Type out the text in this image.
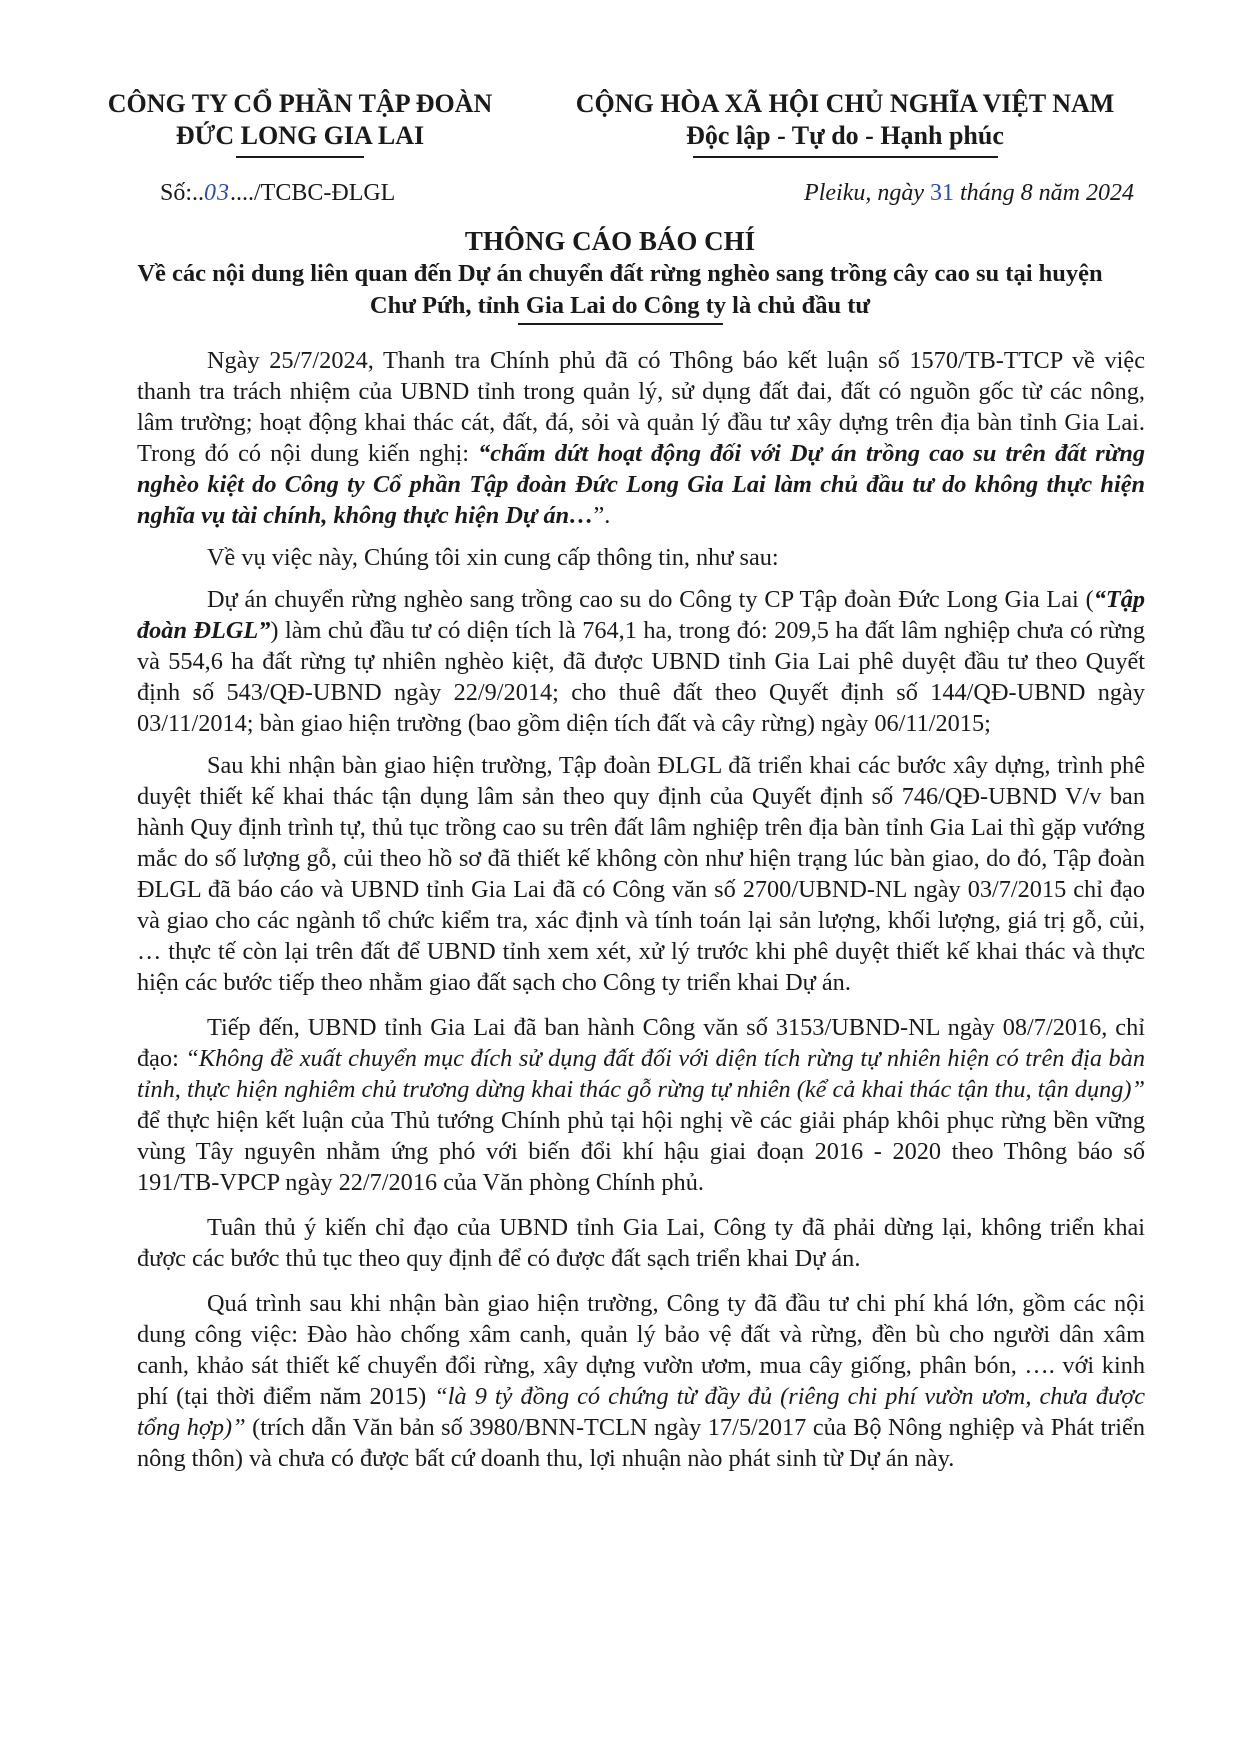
CÔNG TY CỔ PHẦN TẬP ĐOÀN
ĐỨC LONG GIA LAI
CỘNG HÒA XÃ HỘI CHỦ NGHĨA VIỆT NAM
Độc lập - Tự do - Hạnh phúc
Số:..03..../TCBC-ĐLGL	Pleiku, ngày 31 tháng 8 năm 2024
THÔNG CÁO BÁO CHÍ
Về các nội dung liên quan đến Dự án chuyển đất rừng nghèo sang trồng cây cao su tại huyện Chư Pứh, tỉnh Gia Lai do Công ty là chủ đầu tư

Ngày 25/7/2024, Thanh tra Chính phủ đã có Thông báo kết luận số 1570/TB-TTCP về việc thanh tra trách nhiệm của UBND tỉnh trong quản lý, sử dụng đất đai, đất có nguồn gốc từ các nông, lâm trường; hoạt động khai thác cát, đất, đá, sỏi và quản lý đầu tư xây dựng trên địa bàn tỉnh Gia Lai. Trong đó có nội dung kiến nghị: “chấm dứt hoạt động đối với Dự án trồng cao su trên đất rừng nghèo kiệt do Công ty Cổ phần Tập đoàn Đức Long Gia Lai làm chủ đầu tư do không thực hiện nghĩa vụ tài chính, không thực hiện Dự án…”.

Về vụ việc này, Chúng tôi xin cung cấp thông tin, như sau:

Dự án chuyển rừng nghèo sang trồng cao su do Công ty CP Tập đoàn Đức Long Gia Lai (“Tập đoàn ĐLGL”) làm chủ đầu tư có diện tích là 764,1 ha, trong đó: 209,5 ha đất lâm nghiệp chưa có rừng và 554,6 ha đất rừng tự nhiên nghèo kiệt, đã được UBND tỉnh Gia Lai phê duyệt đầu tư theo Quyết định số 543/QĐ-UBND ngày 22/9/2014; cho thuê đất theo Quyết định số 144/QĐ-UBND ngày 03/11/2014; bàn giao hiện trường (bao gồm diện tích đất và cây rừng) ngày 06/11/2015;

Sau khi nhận bàn giao hiện trường, Tập đoàn ĐLGL đã triển khai các bước xây dựng, trình phê duyệt thiết kế khai thác tận dụng lâm sản theo quy định của Quyết định số 746/QĐ-UBND V/v ban hành Quy định trình tự, thủ tục trồng cao su trên đất lâm nghiệp trên địa bàn tỉnh Gia Lai thì gặp vướng mắc do số lượng gỗ, củi theo hồ sơ đã thiết kế không còn như hiện trạng lúc bàn giao, do đó, Tập đoàn ĐLGL đã báo cáo và UBND tỉnh Gia Lai đã có Công văn số 2700/UBND-NL ngày 03/7/2015 chỉ đạo và giao cho các ngành tổ chức kiểm tra, xác định và tính toán lại sản lượng, khối lượng, giá trị gỗ, củi, … thực tế còn lại trên đất để UBND tỉnh xem xét, xử lý trước khi phê duyệt thiết kế khai thác và thực hiện các bước tiếp theo nhằm giao đất sạch cho Công ty triển khai Dự án.

Tiếp đến, UBND tỉnh Gia Lai đã ban hành Công văn số 3153/UBND-NL ngày 08/7/2016, chỉ đạo: “Không đề xuất chuyển mục đích sử dụng đất đối với diện tích rừng tự nhiên hiện có trên địa bàn tỉnh, thực hiện nghiêm chủ trương dừng khai thác gỗ rừng tự nhiên (kể cả khai thác tận thu, tận dụng)” để thực hiện kết luận của Thủ tướng Chính phủ tại hội nghị về các giải pháp khôi phục rừng bền vững vùng Tây nguyên nhằm ứng phó với biến đổi khí hậu giai đoạn 2016 - 2020 theo Thông báo số 191/TB-VPCP ngày 22/7/2016 của Văn phòng Chính phủ.

Tuân thủ ý kiến chỉ đạo của UBND tỉnh Gia Lai, Công ty đã phải dừng lại, không triển khai được các bước thủ tục theo quy định để có được đất sạch triển khai Dự án.

Quá trình sau khi nhận bàn giao hiện trường, Công ty đã đầu tư chi phí khá lớn, gồm các nội dung công việc: Đào hào chống xâm canh, quản lý bảo vệ đất và rừng, đền bù cho người dân xâm canh, khảo sát thiết kế chuyển đổi rừng, xây dựng vườn ươm, mua cây giống, phân bón, …. với kinh phí (tại thời điểm năm 2015) “là 9 tỷ đồng có chứng từ đầy đủ (riêng chi phí vườn ươm, chưa được tổng hợp)” (trích dẫn Văn bản số 3980/BNN-TCLN ngày 17/5/2017 của Bộ Nông nghiệp và Phát triển nông thôn) và chưa có được bất cứ doanh thu, lợi nhuận nào phát sinh từ Dự án này.
